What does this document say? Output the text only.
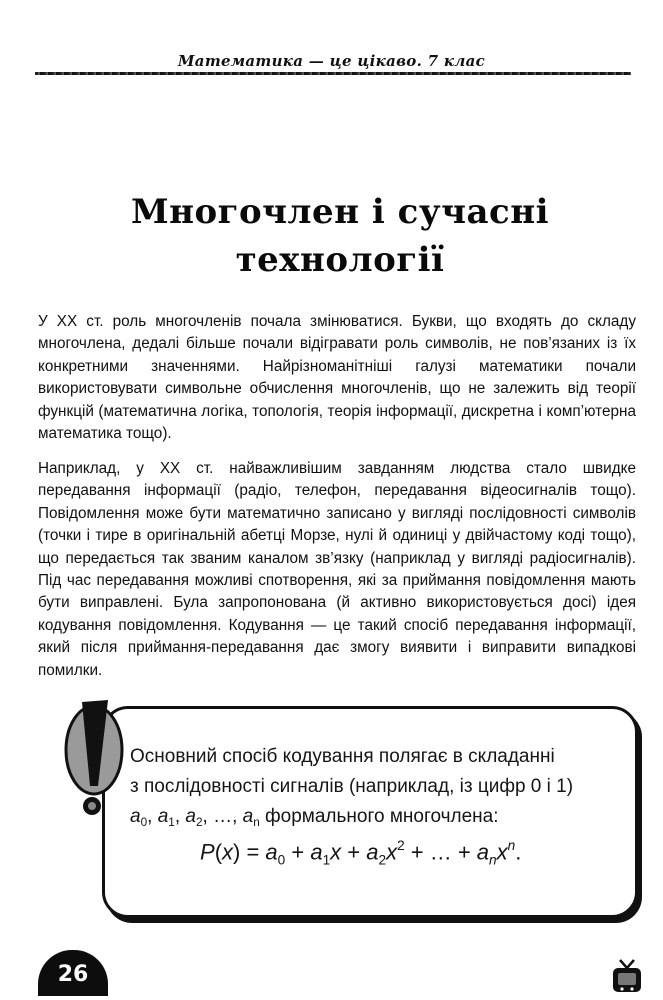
Математика — це цікаво. 7 клас
Многочлен і сучасні
технології

У XX ст. роль многочленів почала змінюватися. Букви, що входять до складу многочлена, дедалі більше почали відігравати роль символів, не пов’язаних із їх конкретними значеннями. Найрізноманітніші галузі математики почали використовувати символьне обчислення многочленів, що не залежить від теорії функцій (математична логіка, топологія, теорія інформації, дискретна і комп’ютерна математика тощо).

Наприклад, у XX ст. найважливішим завданням людства стало швидке передавання інформації (радіо, телефон, передавання відеосигналів тощо). Повідомлення може бути математично записано у вигляді послідовності символів (точки і тире в оригінальній абетці Морзе, нулі й одиниці у двійчастому коді тощо), що передається так званим каналом зв’язку (наприклад у вигляді радіосигналів). Під час передавання можливі спотворення, які за приймання повідомлення мають бути виправлені. Була запропонована (й активно використовується досі) ідея кодування повідомлення. Кодування — це такий спосіб передавання інформації, який після приймання-передавання дає змогу виявити і виправити випадкові помилки.

Основний спосіб кодування полягає в складанні
з послідовності сигналів (наприклад, із цифр 0 і 1)
$a_0$, $a_1$, $a_2$, …, $a_n$ формального многочлена:
$P(x) = a_0 + a_1x + a_2x^2$ + … + $a_nx^n$.
26
